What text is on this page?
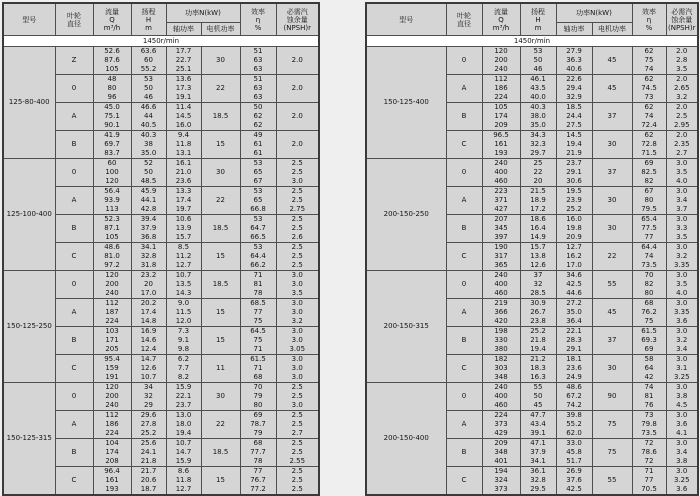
型号	叶轮
直径

流量
Q
m³/h

扬程
H
m

功率N(kW)	效率
η
%

必需汽
蚀余量
(NPSH)r

				轴功率	电机功率		

1450r/min							
125-80-400	Z	52.6	63.6	17.7	30	51	2.0
		87.6	60	22.7		63	
		105	55.2	25.1		63	
	0	48	53	13.6	22	51	2.0
		80	50	17.3		63	
		96	46	19.1		63	
	A	45.0	46.6	11.4	18.5	50	2.0
		75.1	44	14.5		62	
		90.1	40.5	16.0		62	
	B	41.9	40.3	9.4	15	49	2.0
		69.7	38	11.8		61	
		83.7	35.0	13.1		61	
125-100-400	0	60	52	16.1	30	53	2.5
		100	50	21.0		65	2.5
		120	48.5	23.6		67	3.0
	A	56.4	45.9	13.3	22	53	2.5
		93.9	44.1	17.4		65	2.5
		113	42.8	19.7		66.8	2.75
	B	52.3	39.4	10.6	18.5	53	2.5
		87.1	37.9	13.9		64.7	2.5
		105	36.8	15.7		66.5	2.6
	C	48.6	34.1	8.5	15	53	2.5
		81.0	32.8	11.2		64.4	2.5
		97.2	31.8	12.7		66.2	2.5
150-125-250	0	120	23.2	10.7	18.5	71	3.0
		200	20	13.5		81	3.0
		240	17.0	14.3		78	3.5
	A	112	20.2	9.0	15	68.5	3.0
		187	17.4	11.5		77	3.0
		224	14.8	12.0		75	3.2
	B	103	16.9	7.3	15	64.5	3.0
		171	14.6	9.1		75	3.0
		205	12.4	9.8		71	3.05
	C	95.4	14.7	6.2	11	61.5	3.0
		159	12.6	7.7		71	3.0
		191	10.7	8.2		68	3.0
150-125-315	0	120	34	15.9	30	70	2.5
		200	32	22.1		79	2.5
		240	29	23.7		80	3.0
	A	112	29.6	13.0	22	69	2.5
		186	27.8	18.0		78.7	2.5
		224	25.2	19.4		79	2.7
	B	104	25.6	10.7	18.5	68	2.5
		174	24.1	14.7		77.7	2.5
		208	21.8	15.9		78	2.55
	C	96.4	21.7	8.6	15	77	2.5
		161	20.6	11.8		76.7	2.5
		193	18.7	12.7		77.2	2.5
型号	叶轮
直径

流量
Q
m³/h

扬程
H
m

功率N(kW)	效率
η
%

必需汽
蚀余量
(NPSH)r

				轴功率	电机功率		

1450r/min							
150-125-400	0	120	53	27.9	45	62	2.0
		200	50	36.3		75	2.8
		240	46	40.6		74	3.5
	A	112	46.1	22.6	45	62	2.0
		186	43.5	29.4		74.5	2.65
		224	40.0	32.9		73	3.2
	B	105	40.3	18.5	37	62	2.0
		174	38.0	24.4		74	2.5
		209	35.0	27.5		72.4	2.95
	C	96.5	34.3	14.5	30	62	2.0
		161	32.3	19.4		72.8	2.35
		193	29.7	21.9		71.5	2.7
200-150-250	0	240	25	23.7	37	69	3.0
		400	22	29.1		82.5	3.5
		460	20	30.6		82	4.0
	A	223	21.5	19.5	30	67	3.0
		371	18.9	23.9		80	3.4
		427	17.2	25.2		79.5	3.7
	B	207	18.6	16.0	30	65.4	3.0
		345	16.4	19.8		77.5	3.3
		397	14.9	20.9		77	3.5
	C	190	15.7	12.7	22	64.4	3.0
		317	13.8	16.2		74	3.2
		365	12.6	17.0		73.5	3.35
200-150-315	0	240	37	34.6	55	70	3.0
		400	32	42.5		82	3.5
		460	28.5	44.6		80	4.0
	A	219	30.9	27.2	45	68	3.0
		366	26.7	35.0		76.2	3.35
		420	23.8	36.4		75	3.6
	B	198	25.2	22.1	37	61.5	3.0
		330	21.8	28.3		69.3	3.2
		380	19.4	29.1		69	3.4
	C	182	21.2	18.1	30	58	3.0
		303	18.3	23.6		64	3.1
		348	16.3	24.9		42	3.25
200-150-400	0	240	55	48.6	90	74	3.0
		400	50	67.2		81	3.8
		460	45	74.2		76	4.5
	A	224	47.7	39.8	75	73	3.0
		373	43.4	55.2		79.8	3.6
		429	39.1	62.0		73.5	4.1
	B	209	47.1	33.0	75	72	3.0
		348	37.9	45.8		78.6	3.4
		401	34.1	51.7		72	3.8
	C	194	36.1	26.9	55	71	3.0
		324	32.8	37.6		77	3.25
		373	29.5	42.5		70.5	3.6
